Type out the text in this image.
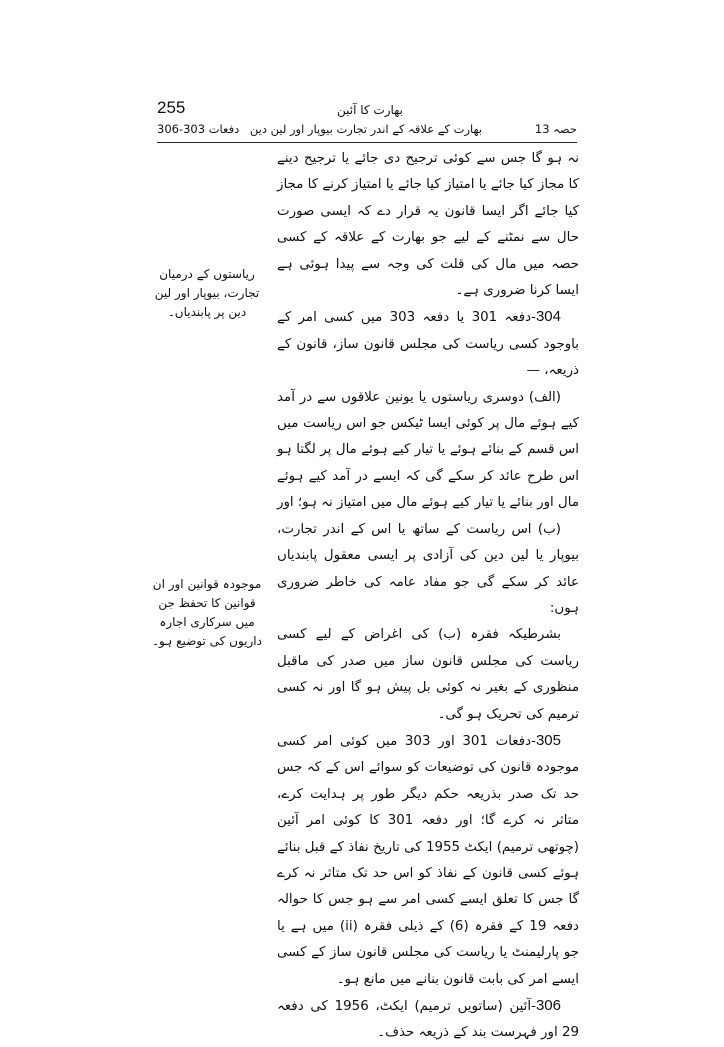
255	بھارت کا آئین
حصہ 13
بھارت کے علاقہ کے اندر تجارت بیوپار اور لین دین
دفعات 303-306

نہ ہو گا جس سے کوئی ترجیح دی جائے یا ترجیح دینے کا مجاز کیا جائے یا امتیاز کیا جائے یا امتیاز کرنے کا مجاز کیا جائے اگر ایسا قانون یہ قرار دے کہ ایسی صورت حال سے نمٹنے کے لیے جو بھارت کے علاقہ کے کسی حصہ میں مال کی قلت کی وجہ سے پیدا ہوئی ہے ایسا کرنا ضروری ہے۔

304-دفعہ 301 یا دفعہ 303 میں کسی امر کے باوجود کسی ریاست کی مجلس قانون ساز، قانون کے ذریعہ، —

(الف) دوسری ریاستوں یا یونین علاقوں سے در آمد کیے ہوئے مال پر کوئی ایسا ٹیکس جو اس ریاست میں اس قسم کے بنائے ہوئے یا تیار کیے ہوئے مال پر لگتا ہو اس طرح عائد کر سکے گی کہ ایسے در آمد کیے ہوئے مال اور بنائے یا تیار کیے ہوئے مال میں امتیاز نہ ہو؛ اور

(ب) اس ریاست کے ساتھ یا اس کے اندر تجارت، بیوپار یا لین دین کی آزادی پر ایسی معقول پابندیاں عائد کر سکے گی جو مفاد عامہ کی خاطر ضروری ہوں:

بشرطیکہ فقرہ (ب) کی اغراض کے لیے کسی ریاست کی مجلس قانون ساز میں صدر کی ماقبل منظوری کے بغیر نہ کوئی بل پیش ہو گا اور نہ کسی ترمیم کی تحریک ہو گی۔

305-دفعات 301 اور 303 میں کوئی امر کسی موجودہ قانون کی توضیعات کو سوائے اس کے کہ جس حد تک صدر بذریعہ حکم دیگر طور پر ہدایت کرے، متاثر نہ کرے گا؛ اور دفعہ 301 کا کوئی امر آئین (چوتھی ترمیم) ایکٹ 1955 کی تاریخ نفاذ کے قبل بنائے ہوئے کسی قانون کے نفاذ کو اس حد تک متاثر نہ کرے گا جس کا تعلق ایسے کسی امر سے ہو جس کا حوالہ دفعہ 19 کے فقرہ (6) کے ذیلی فقرہ (ii) میں ہے یا جو پارلیمنٹ یا ریاست کی مجلس قانون ساز کے کسی ایسے امر کی بابت قانون بنانے میں مانع ہو۔

306-آئین (ساتویں ترمیم) ایکٹ، 1956 کی دفعہ 29 اور فہرست بند کے ذریعہ حذف۔

ریاستوں کے درمیان تجارت، بیوپار اور لین دین پر پابندیاں۔
موجودہ قوانین اور ان قوانین کا تحفظ جن میں سرکاری اجارہ داریوں کی توضیع ہو۔
